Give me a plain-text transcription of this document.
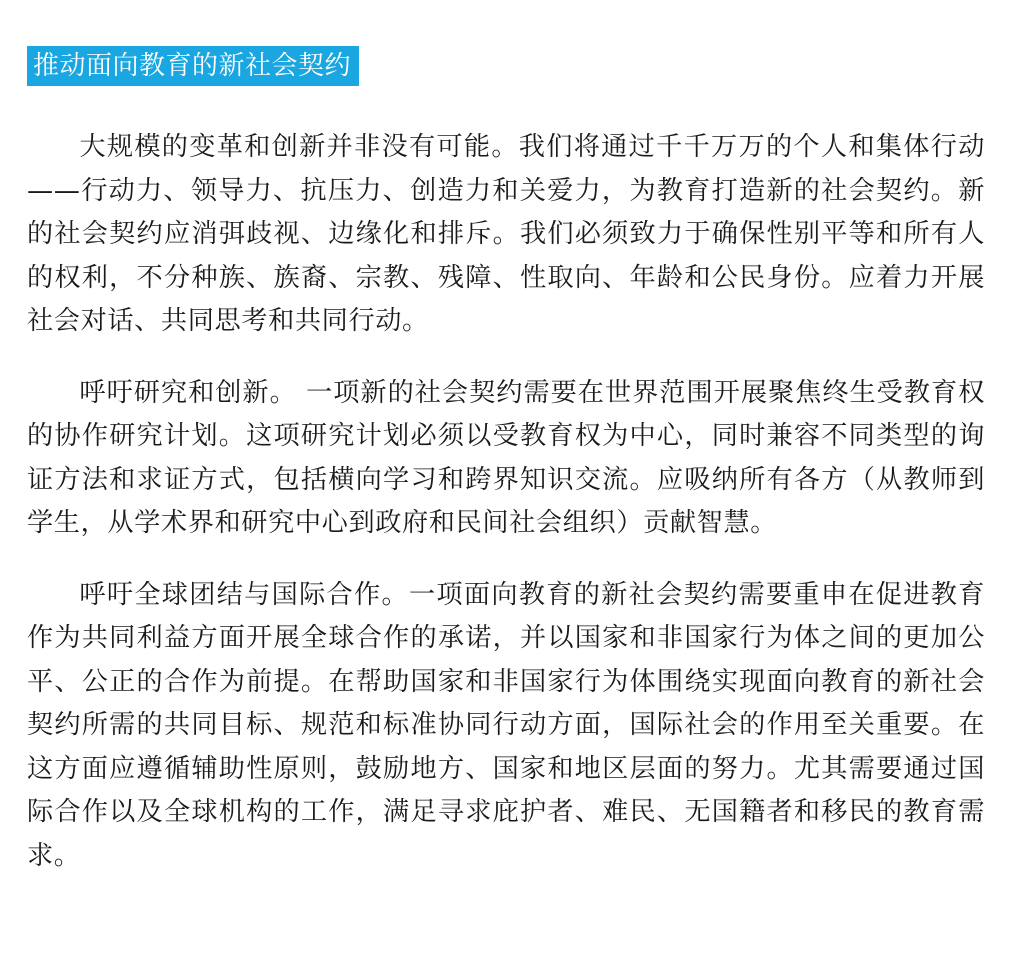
推动面向教育的新社会契约

大规模的变革和创新并非没有可能。我们将通过千千万万的个人和集体行动——行动力、领导力、抗压力、创造力和关爱力，为教育打造新的社会契约。新的社会契约应消弭歧视、边缘化和排斥。我们必须致力于确保性别平等和所有人的权利，不分种族、族裔、宗教、残障、性取向、年龄和公民身份。应着力开展社会对话、共同思考和共同行动。

呼吁研究和创新。 一项新的社会契约需要在世界范围开展聚焦终生受教育权的协作研究计划。这项研究计划必须以受教育权为中心，同时兼容不同类型的询证方法和求证方式，包括横向学习和跨界知识交流。应吸纳所有各方（从教师到学生，从学术界和研究中心到政府和民间社会组织）贡献智慧。

呼吁全球团结与国际合作。一项面向教育的新社会契约需要重申在促进教育作为共同利益方面开展全球合作的承诺，并以国家和非国家行为体之间的更加公平、公正的合作为前提。在帮助国家和非国家行为体围绕实现面向教育的新社会契约所需的共同目标、规范和标准协同行动方面，国际社会的作用至关重要。在这方面应遵循辅助性原则，鼓励地方、国家和地区层面的努力。尤其需要通过国际合作以及全球机构的工作，满足寻求庇护者、难民、无国籍者和移民的教育需求。
